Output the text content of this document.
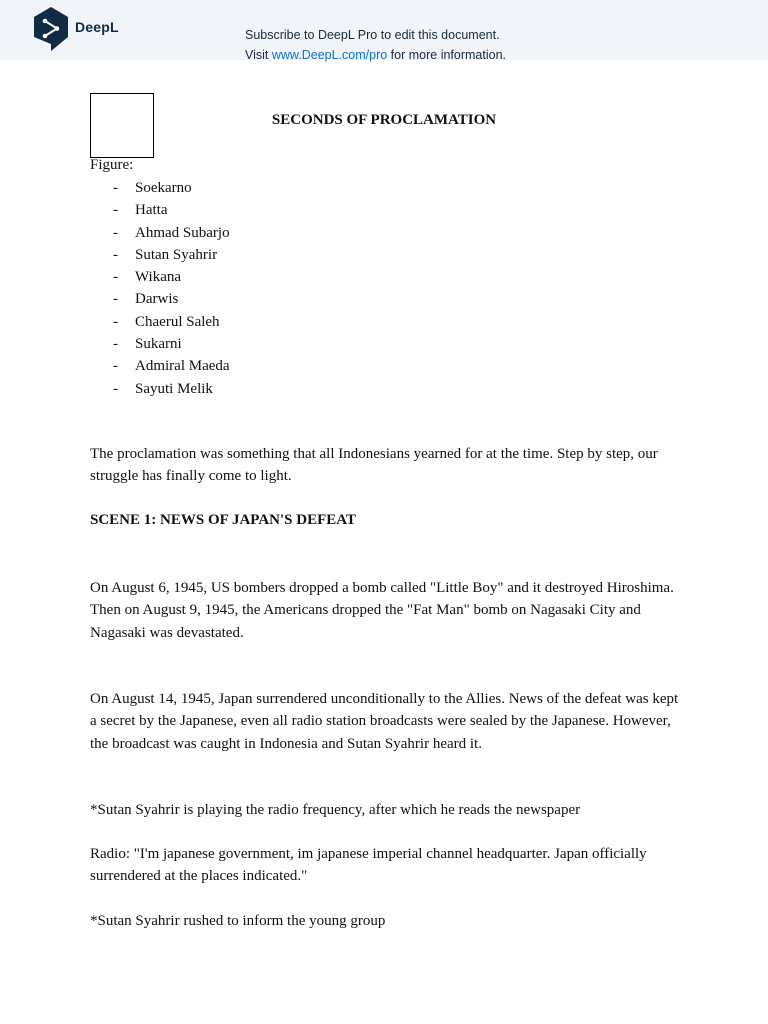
DeepL	Subscribe to DeepL Pro to edit this document.
Visit www.DeepL.com/pro for more information.
SECONDS OF PROCLAMATION
Figure:
- Soekarno
- Hatta
- Ahmad Subarjo
- Sutan Syahrir
- Wikana
- Darwis
- Chaerul Saleh
- Sukarni
- Admiral Maeda
- Sayuti Melik

The proclamation was something that all Indonesians yearned for at the time. Step by step, our struggle has finally come to light.

SCENE 1: NEWS OF JAPAN'S DEFEAT

On August 6, 1945, US bombers dropped a bomb called "Little Boy" and it destroyed Hiroshima. Then on August 9, 1945, the Americans dropped the "Fat Man" bomb on Nagasaki City and Nagasaki was devastated.

On August 14, 1945, Japan surrendered unconditionally to the Allies. News of the defeat was kept a secret by the Japanese, even all radio station broadcasts were sealed by the Japanese. However, the broadcast was caught in Indonesia and Sutan Syahrir heard it.

*Sutan Syahrir is playing the radio frequency, after which he reads the newspaper

Radio: "I'm japanese government, im japanese imperial channel headquarter. Japan officially surrendered at the places indicated."

*Sutan Syahrir rushed to inform the young group
